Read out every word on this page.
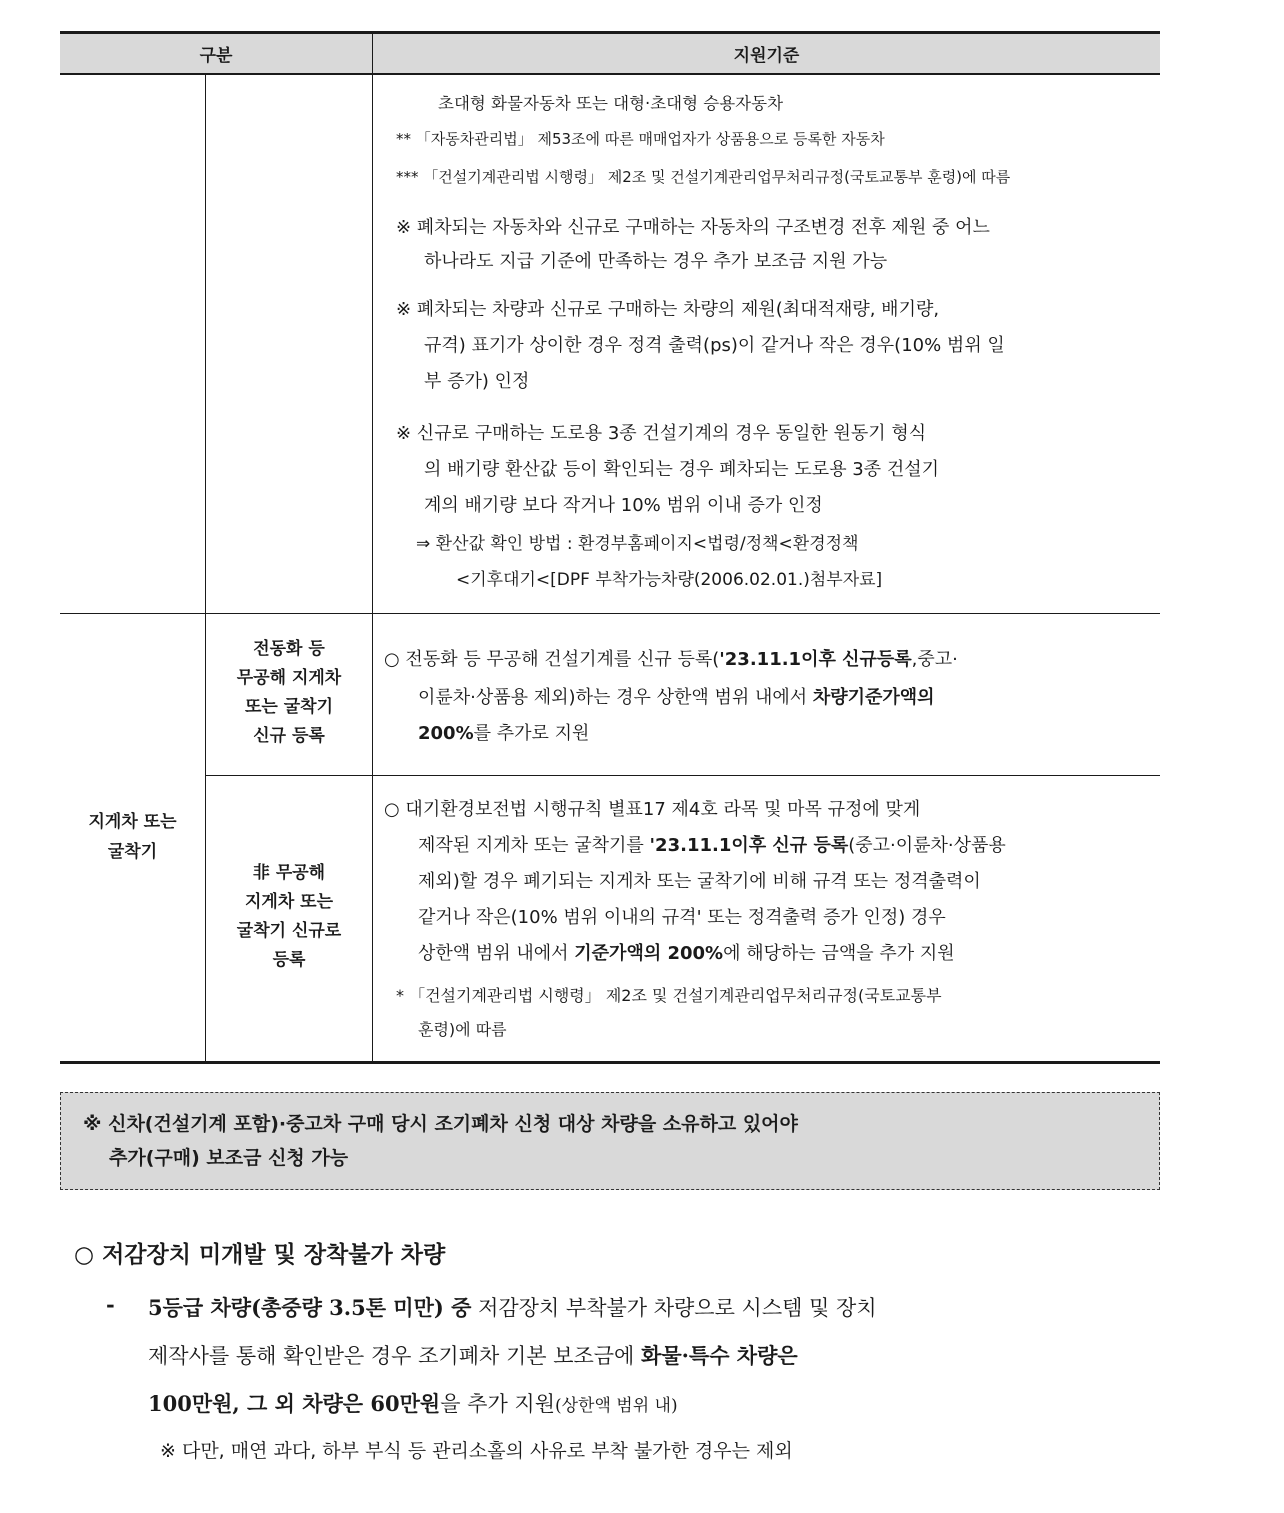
구분	지원기준
초대형 화물자동차 또는 대형·초대형 승용자동차
** 「자동차관리법」 제53조에 따른 매매업자가 상품용으로 등록한 자동차
*** 「건설기계관리법 시행령」 제2조 및 건설기계관리업무처리규정(국토교통부 훈령)에 따름
※ 폐차되는 자동차와 신규로 구매하는 자동차의 구조변경 전후 제원 중 어느
하나라도 지급 기준에 만족하는 경우 추가 보조금 지원 가능
※ 폐차되는 차량과 신규로 구매하는 차량의 제원(최대적재량, 배기량,
규격) 표기가 상이한 경우 정격 출력(ps)이 같거나 작은 경우(10% 범위 일
부 증가) 인정
※ 신규로 구매하는 도로용 3종 건설기계의 경우 동일한 원동기 형식
의 배기량 환산값 등이 확인되는 경우 폐차되는 도로용 3종 건설기
계의 배기량 보다 작거나 10% 범위 이내 증가 인정
⇒ 환산값 확인 방법 : 환경부홈페이지<법령/정책<환경정책
<기후대기<[DPF 부착가능차량(2006.02.01.)첨부자료]
지게차 또는
굴착기
전동화 등
무공해 지게차
또는 굴착기
신규 등록
○ 전동화 등 무공해 건설기계를 신규 등록('23.11.1이후 신규등록,중고·
이륜차·상품용 제외)하는 경우 상한액 범위 내에서 차량기준가액의
200%를 추가로 지원
非 무공해
지게차 또는
굴착기 신규로
등록
○ 대기환경보전법 시행규칙 별표17 제4호 라목 및 마목 규정에 맞게
제작된 지게차 또는 굴착기를 '23.11.1이후 신규 등록(중고·이륜차·상품용
제외)할 경우 폐기되는 지게차 또는 굴착기에 비해 규격 또는 정격출력이
같거나 작은(10% 범위 이내의 규격' 또는 정격출력 증가 인정) 경우
상한액 범위 내에서 기준가액의 200%에 해당하는 금액을 추가 지원
* 「건설기계관리법 시행령」 제2조 및 건설기계관리업무처리규정(국토교통부
훈령)에 따름
※ 신차(건설기계 포함)·중고차 구매 당시 조기폐차 신청 대상 차량을 소유하고 있어야
추가(구매) 보조금 신청 가능
○ 저감장치 미개발 및 장착불가 차량
- 5등급 차량(총중량 3.5톤 미만) 중 저감장치 부착불가 차량으로 시스템 및 장치
제작사를 통해 확인받은 경우 조기폐차 기본 보조금에 화물·특수 차량은
100만원, 그 외 차량은 60만원을 추가 지원(상한액 범위 내)
※ 다만, 매연 과다, 하부 부식 등 관리소홀의 사유로 부착 불가한 경우는 제외
